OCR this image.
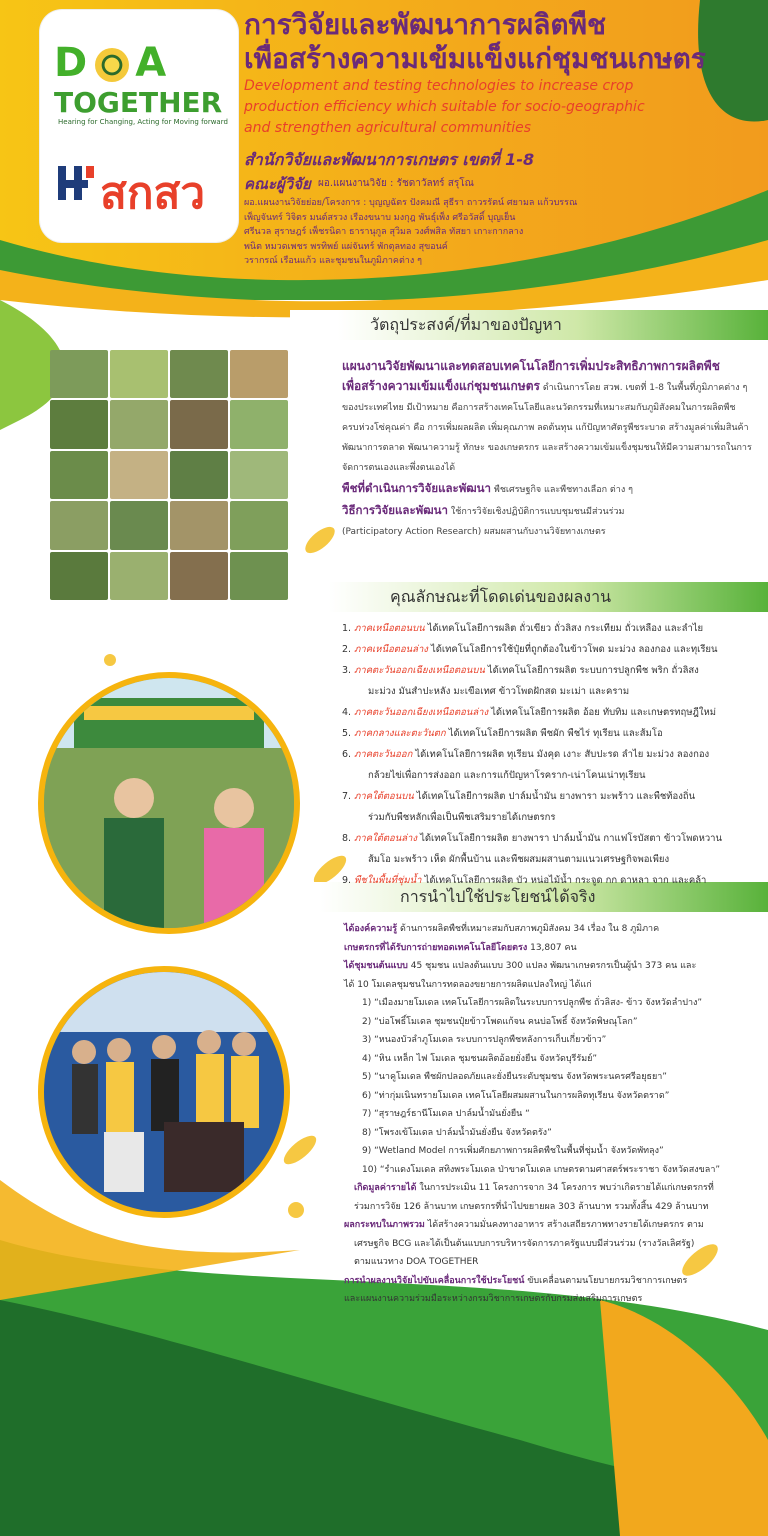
D A
TOGETHER
Hearing for Changing, Acting for Moving forward
สกสว
การวิจัยและพัฒนาการผลิตพืช
เพื่อสร้างความเข้มแข็งแก่ชุมชนเกษตร
Development and testing technologies to increase crop
production efficiency which suitable for socio-geographic
and strengthen agricultural communities
สำนักวิจัยและพัฒนาการเกษตร เขตที่ 1-8
คณะผู้วิจัย ผอ.แผนงานวิจัย : รัชดาวัลทร์ สรุโณ
ผอ.แผนงานวิจัยย่อย/โครงการ : บุญญฉัตร ปังคมณี สุธีรา ถาวรรัตน์ ศยามล แก้วบรรณ
เพ็ญจันทร์ วิจิตร มนต์สรวง เรืองขนาบ มงกุฎ พันธุ์เพ็ง ศรีอวัสดิ์ บุญเย็น
ศรีนวล สุราษฎร์ เพ็ชรนิดา ธารานุกูล สุวิมล วงศ์พสิล ทัสยา เกาะกากลาง
พนิต หมวดเพชร พรทิพย์ แผ่จันทร์ พักตุลทอง สุขอนค์
วรากรณ์ เรือนแก้ว และชุมชนในภูมิภาคต่าง ๆ
วัตถุประสงค์/ที่มาของปัญหา
คุณลักษณะที่โดดเด่นของผลงาน
การนำไปใช้ประโยชน์ได้จริง
แผนงานวิจัยพัฒนาและทดสอบเทคโนโลยีการเพิ่มประสิทธิภาพการผลิตพืช
เพื่อสร้างความเข้มแข็งแก่ชุมชนเกษตร ดำเนินการโดย สวพ. เขตที่ 1-8 ในพื้นที่ภูมิภาคต่าง ๆ ของประเทศไทย มีเป้าหมาย คือการสร้างเทคโนโลยีและนวัตกรรมที่เหมาะสมกับภูมิสังคมในการผลิตพืชครบห่วงโซ่คุณค่า คือ การเพิ่มผลผลิต เพิ่มคุณภาพ ลดต้นทุน แก้ปัญหาศัตรูพืชระบาด สร้างมูลค่าเพิ่มสินค้า พัฒนาการตลาด พัฒนาความรู้ ทักษะ ของเกษตรกร และสร้างความเข้มแข็งชุมชนให้มีความสามารถในการจัดการตนเองและพึ่งตนเองได้
พืชที่ดำเนินการวิจัยและพัฒนา พืชเศรษฐกิจ และพืชทางเลือก ต่าง ๆ
วิธีการวิจัยและพัฒนา ใช้การวิจัยเชิงปฏิบัติการแบบชุมชนมีส่วนร่วม
(Participatory Action Research) ผสมผสานกับงานวิจัยทางเกษตร
1. ภาคเหนือตอนบน ได้เทคโนโลยีการผลิต ถั่วเขียว ถั่วลิสง กระเทียม ถั่วเหลือง และลำไย
2. ภาคเหนือตอนล่าง ได้เทคโนโลยีการใช้ปุ๋ยที่ถูกต้องในข้าวโพด มะม่วง ลองกอง และทุเรียน
3. ภาคตะวันออกเฉียงเหนือตอนบน ได้เทคโนโลยีการผลิต ระบบการปลูกพืช พริก ถั่วลิสง
มะม่วง มันสำปะหลัง มะเขือเทศ ข้าวโพดฝักสด มะเม่า และคราม
4. ภาคตะวันออกเฉียงเหนือตอนล่าง ได้เทคโนโลยีการผลิต อ้อย ทับทิม และเกษตรทฤษฎีใหม่
5. ภาคกลางและตะวันตก ได้เทคโนโลยีการผลิต พืชผัก พืชไร่ ทุเรียน และส้มโอ
6. ภาคตะวันออก ได้เทคโนโลยีการผลิต ทุเรียน มังคุด เงาะ สับปะรด ลำไย มะม่วง ลองกอง
กล้วยไข่เพื่อการส่งออก และการแก้ปัญหาโรคราก-เน่าโคนเน่าทุเรียน
7. ภาคใต้ตอนบน ได้เทคโนโลยีการผลิต ปาล์มน้ำมัน ยางพารา มะพร้าว และพืชท้องถิ่น
ร่วมกับพืชหลักเพื่อเป็นพืชเสริมรายได้เกษตรกร
8. ภาคใต้ตอนล่าง ได้เทคโนโลยีการผลิต ยางพารา ปาล์มน้ำมัน กาแฟโรบัสตา ข้าวโพดหวาน
ส้มโอ มะพร้าว เห็ด ผักพื้นบ้าน และพืชผสมผสานตามแนวเศรษฐกิจพอเพียง
9. พืชในพื้นที่ชุ่มน้ำ ได้เทคโนโลยีการผลิต บัว หน่อไม้น้ำ กระจูด กก ดาหลา จาก และคล้า
ได้องค์ความรู้ ด้านการผลิตพืชที่เหมาะสมกับสภาพภูมิสังคม 34 เรื่อง ใน 8 ภูมิภาค
เกษตรกรที่ได้รับการถ่ายทอดเทคโนโลยีโดยตรง 13,807 คน
ได้ชุมชนต้นแบบ 45 ชุมชน แปลงต้นแบบ 300 แปลง พัฒนาเกษตรกรเป็นผู้นำ 373 คน และ
ได้ 10 โมเดลชุมชนในการทดลองขยายการผลิตแปลงใหญ่ ได้แก่
1) “เมืองมายโมเดล เทคโนโลยีการผลิตในระบบการปลูกพืช ถั่วลิสง- ข้าว จังหวัดลำปาง”
2) “บ่อโพธิ์โมเดล ชุมชนปุ๋ยข้าวโพดแก้จน คนบ่อโพธิ์ จังหวัดพิษณุโลก”
3) “หนองบัวลำภูโมเดล ระบบการปลูกพืชหลังการเก็บเกี่ยวข้าว”
4) “หิน เหล็ก ไฟ โมเดล ชุมชนผลิตอ้อยยั่งยืน จังหวัดบุรีรัมย์”
5) “นาคูโมเดล พืชผักปลอดภัยและยั่งยืนระดับชุมชน จังหวัดพระนครศรีอยุธยา”
6) “ท่ากุ่มเนินทรายโมเดล เทคโนโลยีผสมผสานในการผลิตทุเรียน จังหวัดตราด”
7) “สุราษฎร์ธานีโมเดล ปาล์มน้ำมันยั่งยืน “
8) “โพรงเข้โมเดล ปาล์มน้ำมันยั่งยืน จังหวัดตรัง”
9) “Wetland Model การเพิ่มศักยภาพการผลิตพืชในพื้นที่ชุ่มน้ำ จังหวัดพัทลุง”
10) “รำแดงโมเดล สทิงพระโมเดล ป่าขาดโมเดล เกษตรตามศาสตร์พระราชา จังหวัดสงขลา”
เกิดมูลค่ารายได้ ในการประเมิน 11 โครงการจาก 34 โครงการ พบว่าเกิดรายได้แก่เกษตรกรที่
ร่วมการวิจัย 126 ล้านบาท เกษตรกรที่นำไปขยายผล 303 ล้านบาท รวมทั้งสิ้น 429 ล้านบาท
ผลกระทบในภาพรวม ได้สร้างความมั่นคงทางอาหาร สร้างเสถียรภาพทางรายได้เกษตรกร ตาม
เศรษฐกิจ BCG และได้เป็นต้นแบบการบริหารจัดการภาครัฐแบบมีส่วนร่วม (รางวัลเลิศรัฐ)
ตามแนวทาง DOA TOGETHER
การนำผลงานวิจัยไปขับเคลื่อนการใช้ประโยชน์ ขับเคลื่อนตามนโยบายกรมวิชาการเกษตร
และแผนงานความร่วมมือระหว่างกรมวิชาการเกษตรกับกรมส่งเสริมการเกษตร
